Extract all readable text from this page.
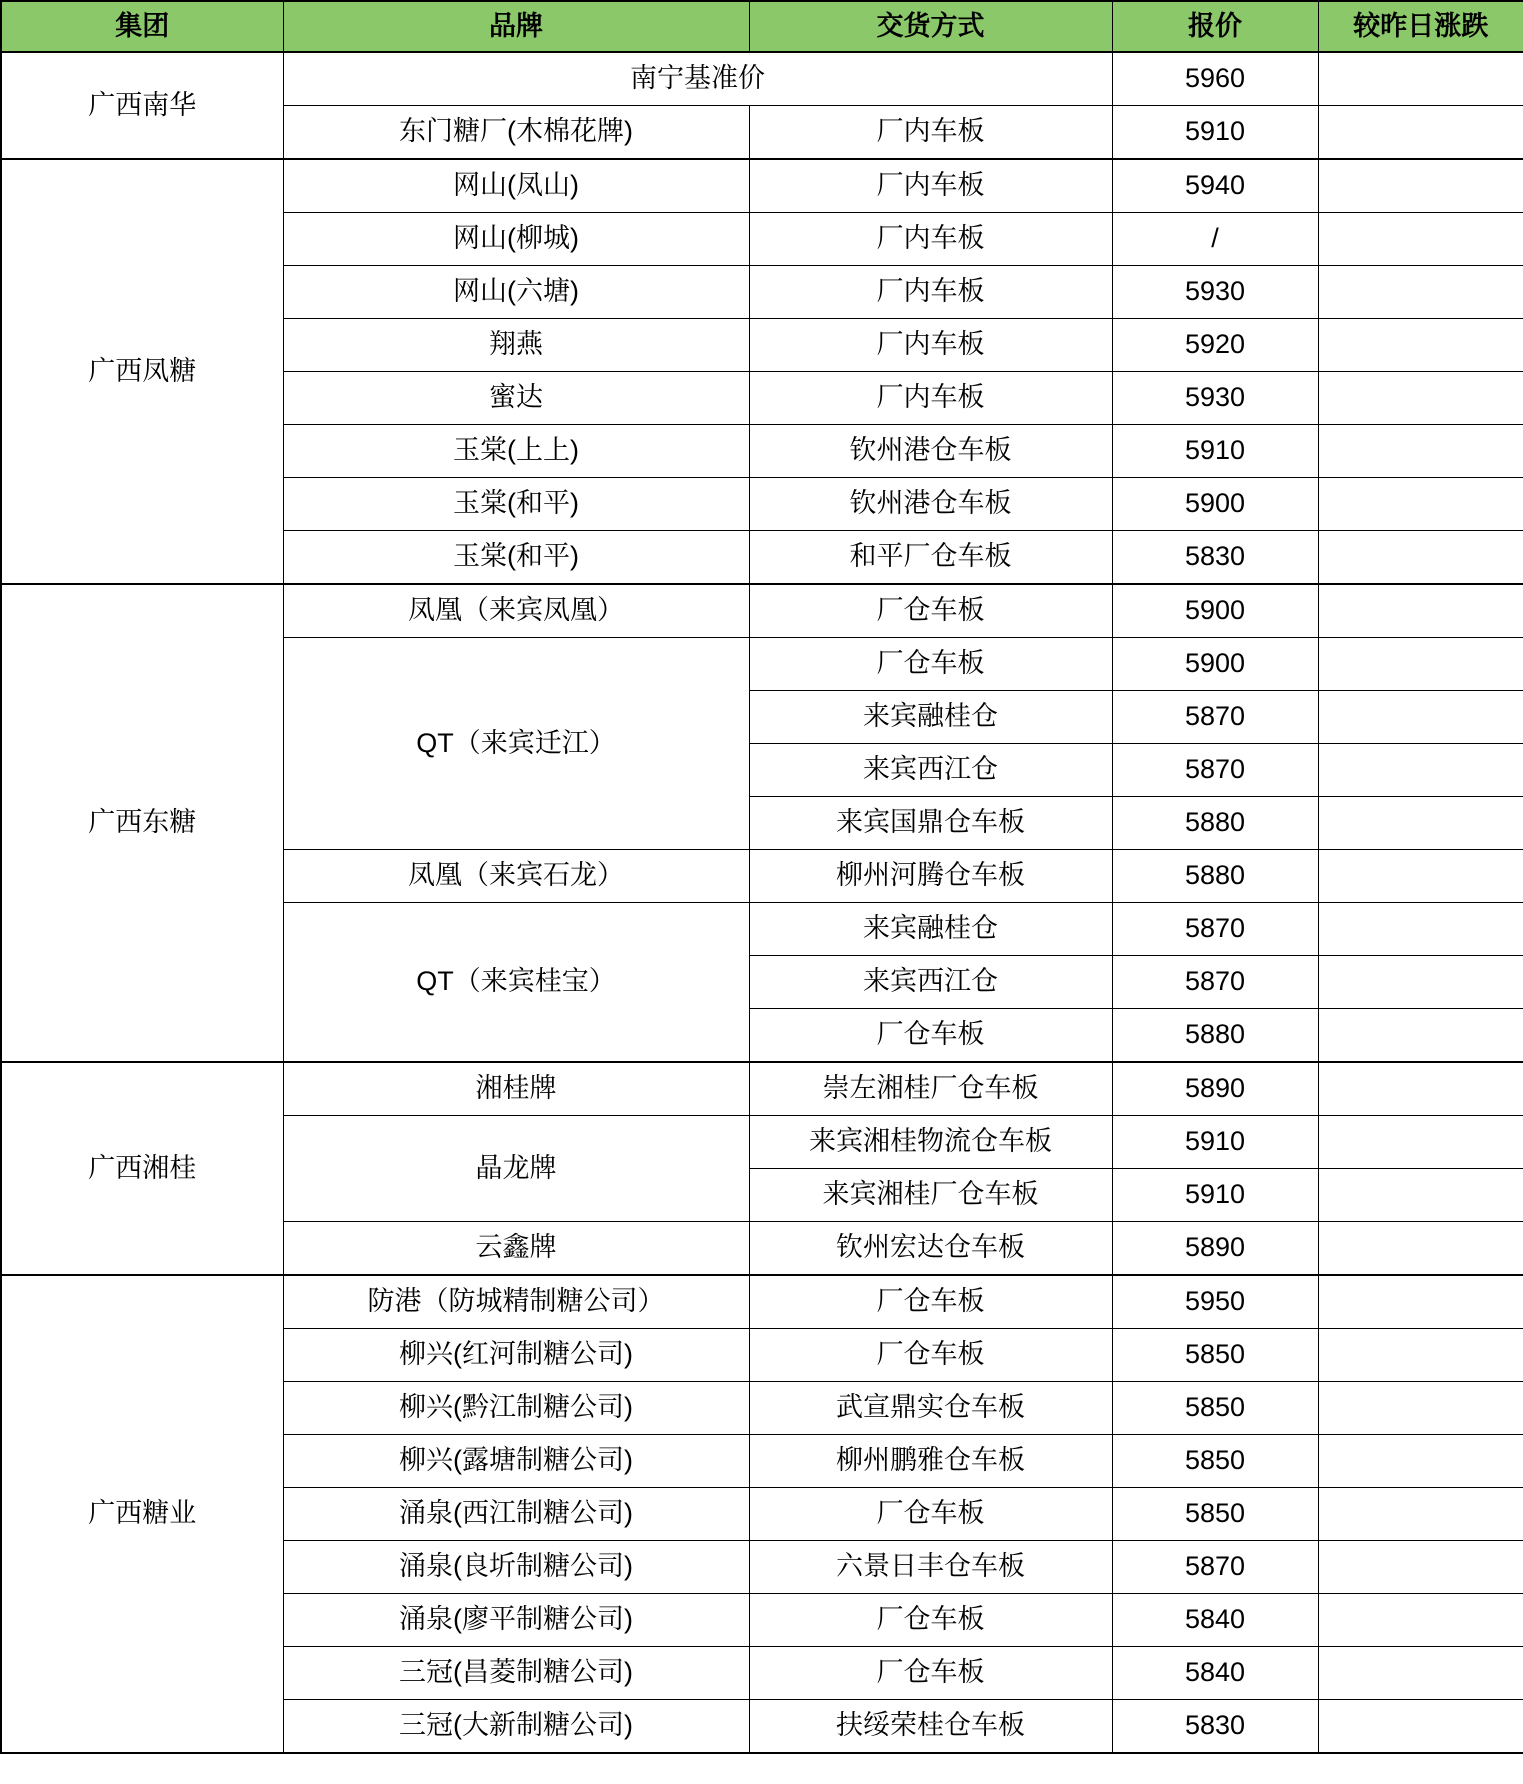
集团	品牌	交货方式	报价	较昨日涨跌
广西南华	南宁基准价		5960	
	东门糖厂(木棉花牌)	厂内车板	5910	
广西凤糖	网山(凤山)	厂内车板	5940	
	网山(柳城)	厂内车板	/	
	网山(六塘)	厂内车板	5930	
	翔燕	厂内车板	5920	
	蜜达	厂内车板	5930	
	玉棠(上上)	钦州港仓车板	5910	
	玉棠(和平)	钦州港仓车板	5900	
	玉棠(和平)	和平厂仓车板	5830	
广西东糖	凤凰（来宾凤凰）	厂仓车板	5900	
	QT（来宾迁江）	厂仓车板	5900	
		来宾融桂仓	5870	
		来宾西江仓	5870	
		来宾国鼎仓车板	5880	
	凤凰（来宾石龙）	柳州河腾仓车板	5880	
	QT（来宾桂宝）	来宾融桂仓	5870	
		来宾西江仓	5870	
		厂仓车板	5880	
广西湘桂	湘桂牌	崇左湘桂厂仓车板	5890	
	晶龙牌	来宾湘桂物流仓车板	5910	
		来宾湘桂厂仓车板	5910	
	云鑫牌	钦州宏达仓车板	5890	
广西糖业	防港（防城精制糖公司）	厂仓车板	5950	
	柳兴(红河制糖公司)	厂仓车板	5850	
	柳兴(黔江制糖公司)	武宣鼎实仓车板	5850	
	柳兴(露塘制糖公司)	柳州鹏雅仓车板	5850	
	涌泉(西江制糖公司)	厂仓车板	5850	
	涌泉(良圻制糖公司)	六景日丰仓车板	5870	
	涌泉(廖平制糖公司)	厂仓车板	5840	
	三冠(昌菱制糖公司)	厂仓车板	5840	
	三冠(大新制糖公司)	扶绥荣桂仓车板	5830	
